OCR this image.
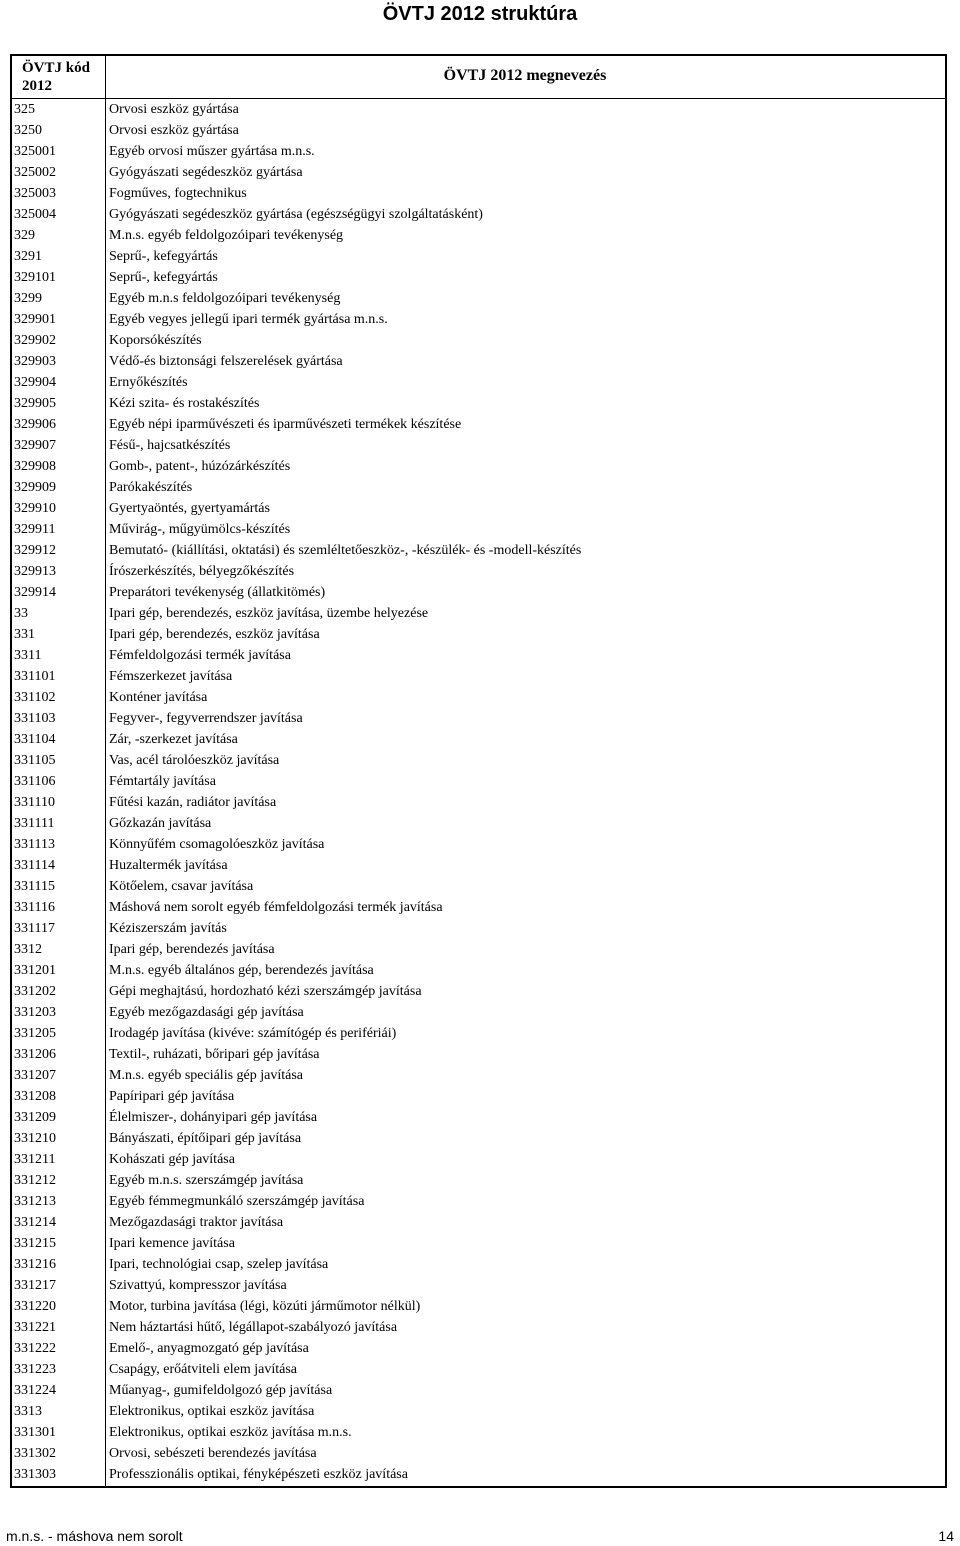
ÖVTJ 2012 struktúra
ÖVTJ kód
2012
ÖVTJ 2012 megnevezés
325	Orvosi eszköz gyártása
3250	Orvosi eszköz gyártása
325001	Egyéb orvosi műszer gyártása m.n.s.
325002	Gyógyászati segédeszköz gyártása
325003	Fogműves, fogtechnikus
325004	Gyógyászati segédeszköz gyártása (egészségügyi szolgáltatásként)
329	M.n.s. egyéb feldolgozóipari tevékenység
3291	Seprű-, kefegyártás
329101	Seprű-, kefegyártás
3299	Egyéb m.n.s feldolgozóipari tevékenység
329901	Egyéb vegyes jellegű ipari termék gyártása m.n.s.
329902	Koporsókészítés
329903	Védő-és biztonsági felszerelések gyártása
329904	Ernyőkészítés
329905	Kézi szita- és rostakészítés
329906	Egyéb népi iparművészeti és iparművészeti termékek készítése
329907	Fésű-, hajcsatkészítés
329908	Gomb-, patent-, húzózárkészítés
329909	Parókakészítés
329910	Gyertyaöntés, gyertyamártás
329911	Művirág-, műgyümölcs-készítés
329912	Bemutató- (kiállítási, oktatási) és szemléltetőeszköz-, -készülék- és -modell-készítés
329913	Írószerkészítés, bélyegzőkészítés
329914	Preparátori tevékenység (állatkitömés)
33	Ipari gép, berendezés, eszköz javítása, üzembe helyezése
331	Ipari gép, berendezés, eszköz javítása
3311	Fémfeldolgozási termék javítása
331101	Fémszerkezet javítása
331102	Konténer javítása
331103	Fegyver-, fegyverrendszer javítása
331104	Zár, -szerkezet javítása
331105	Vas, acél tárolóeszköz javítása
331106	Fémtartály javítása
331110	Fűtési kazán, radiátor javítása
331111	Gőzkazán javítása
331113	Könnyűfém csomagolóeszköz javítása
331114	Huzaltermék javítása
331115	Kötőelem, csavar javítása
331116	Máshová nem sorolt egyéb fémfeldolgozási termék javítása
331117	Kéziszerszám javítás
3312	Ipari gép, berendezés javítása
331201	M.n.s. egyéb általános gép, berendezés javítása
331202	Gépi meghajtású, hordozható kézi szerszámgép javítása
331203	Egyéb mezőgazdasági gép javítása
331205	Irodagép javítása (kivéve: számítógép és perifériái)
331206	Textil-, ruházati, bőripari gép javítása
331207	M.n.s. egyéb speciális gép javítása
331208	Papíripari gép javítása
331209	Élelmiszer-, dohányipari gép javítása
331210	Bányászati, építőipari gép javítása
331211	Kohászati gép javítása
331212	Egyéb m.n.s. szerszámgép javítása
331213	Egyéb fémmegmunkáló szerszámgép javítása
331214	Mezőgazdasági traktor javítása
331215	Ipari kemence javítása
331216	Ipari, technológiai csap, szelep javítása
331217	Szivattyú, kompresszor javítása
331220	Motor, turbina javítása (légi, közúti járműmotor nélkül)
331221	Nem háztartási hűtő, légállapot-szabályozó javítása
331222	Emelő-, anyagmozgató gép javítása
331223	Csapágy, erőátviteli elem javítása
331224	Műanyag-, gumifeldolgozó gép javítása
3313	Elektronikus, optikai eszköz javítása
331301	Elektronikus, optikai eszköz javítása m.n.s.
331302	Orvosi, sebészeti berendezés javítása
331303	Professzionális optikai, fényképészeti eszköz javítása
m.n.s. - máshova nem sorolt	14
